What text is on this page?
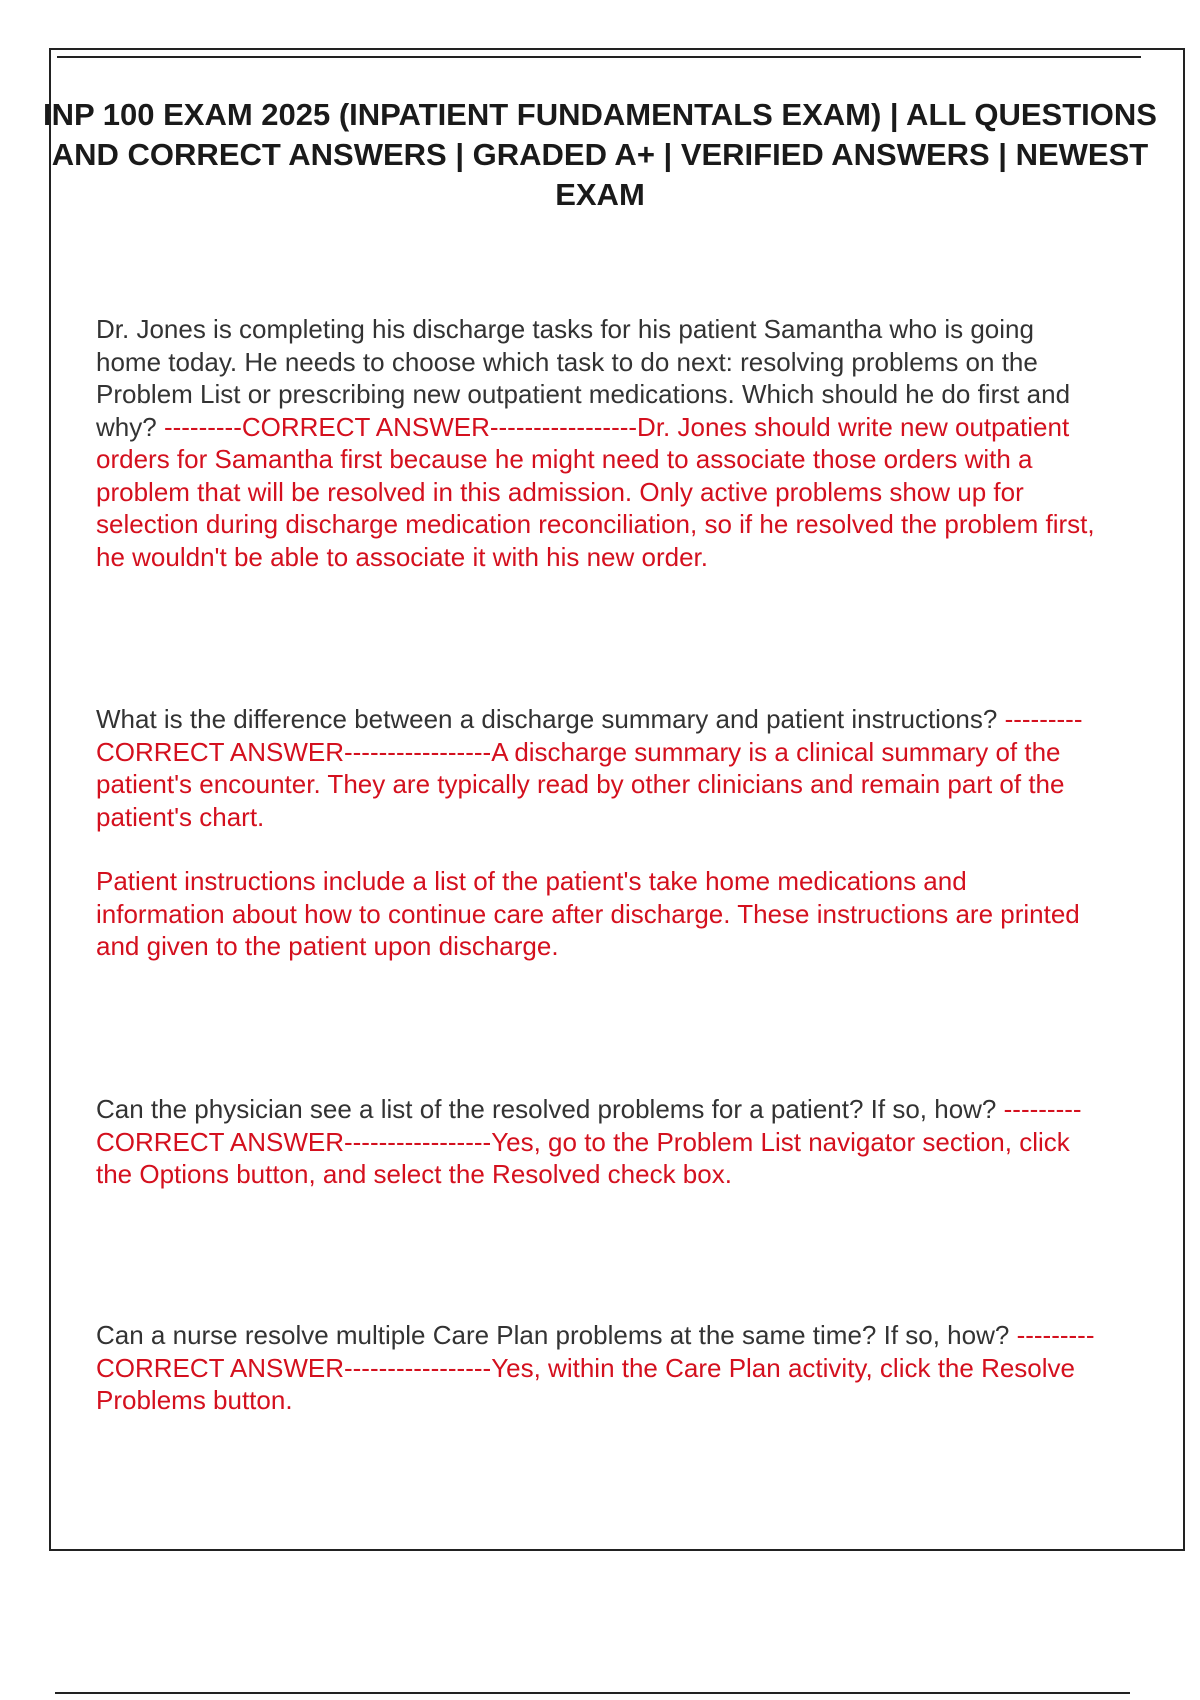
INP 100 EXAM 2025 (INPATIENT FUNDAMENTALS EXAM) | ALL QUESTIONS AND CORRECT ANSWERS | GRADED A+ | VERIFIED ANSWERS | NEWEST EXAM

Dr. Jones is completing his discharge tasks for his patient Samantha who is going home today. He needs to choose which task to do next: resolving problems on the Problem List or prescribing new outpatient medications. Which should he do first and why? ---------CORRECT ANSWER-----------------Dr. Jones should write new outpatient orders for Samantha first because he might need to associate those orders with a problem that will be resolved in this admission. Only active problems show up for selection during discharge medication reconciliation, so if he resolved the problem first, he wouldn't be able to associate it with his new order.

What is the difference between a discharge summary and patient instructions? ---------CORRECT ANSWER-----------------A discharge summary is a clinical summary of the patient's encounter. They are typically read by other clinicians and remain part of the patient's chart.
Patient instructions include a list of the patient's take home medications and information about how to continue care after discharge. These instructions are printed and given to the patient upon discharge.

Can the physician see a list of the resolved problems for a patient? If so, how? ---------CORRECT ANSWER-----------------Yes, go to the Problem List navigator section, click the Options button, and select the Resolved check box.

Can a nurse resolve multiple Care Plan problems at the same time? If so, how? ---------CORRECT ANSWER-----------------Yes, within the Care Plan activity, click the Resolve Problems button.
